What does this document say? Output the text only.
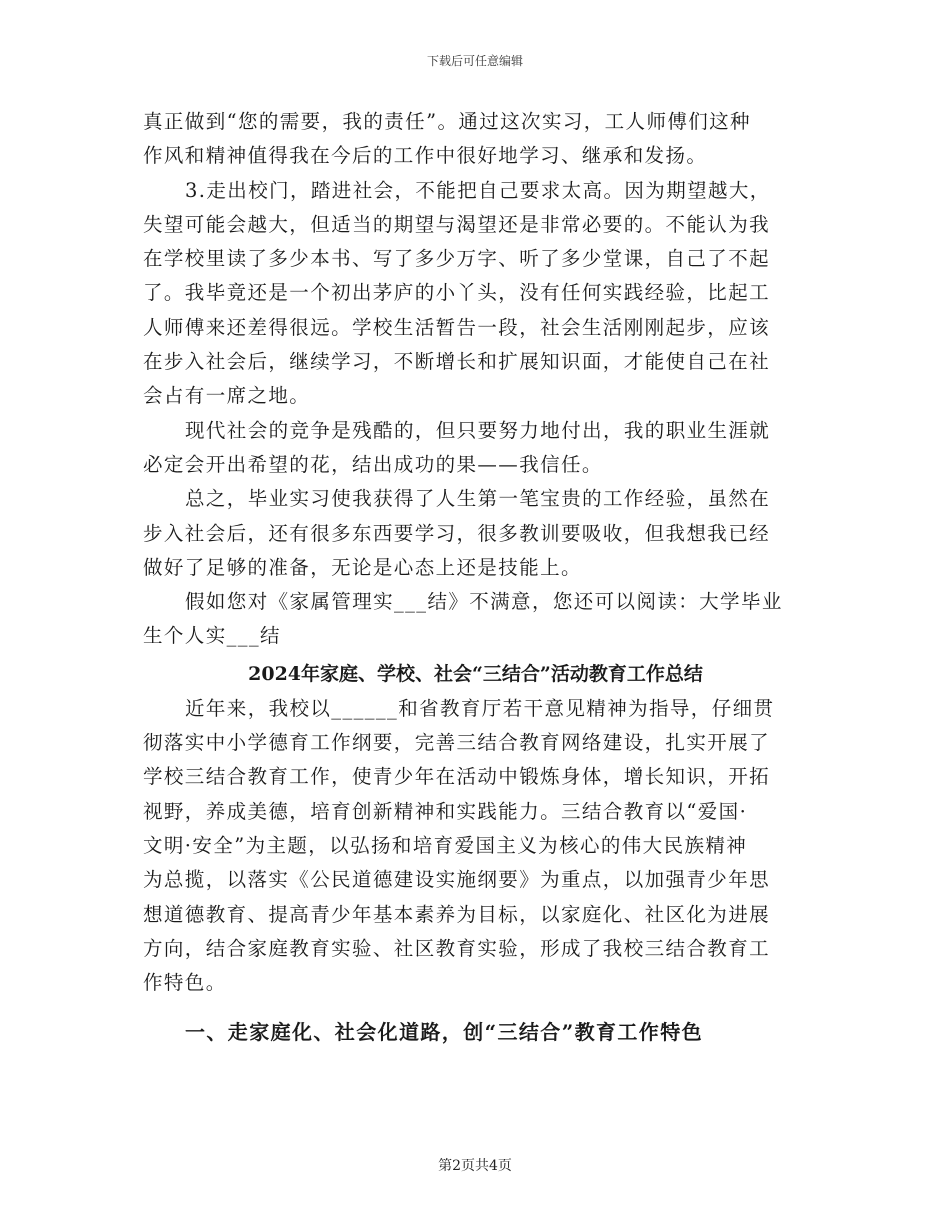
下载后可任意编辑
真正做到“您的需要，我的责任”。通过这次实习，工人师傅们这种
作风和精神值得我在今后的工作中很好地学习、继承和发扬。
3.走出校门，踏进社会，不能把自己要求太高。因为期望越大，
失望可能会越大，但适当的期望与渴望还是非常必要的。不能认为我
在学校里读了多少本书、写了多少万字、听了多少堂课，自己了不起
了。我毕竟还是一个初出茅庐的小丫头，没有任何实践经验，比起工
人师傅来还差得很远。学校生活暂告一段，社会生活刚刚起步，应该
在步入社会后，继续学习，不断增长和扩展知识面，才能使自己在社
会占有一席之地。
现代社会的竞争是残酷的，但只要努力地付出，我的职业生涯就
必定会开出希望的花，结出成功的果——我信任。
总之，毕业实习使我获得了人生第一笔宝贵的工作经验，虽然在
步入社会后，还有很多东西要学习，很多教训要吸收，但我想我已经
做好了足够的准备，无论是心态上还是技能上。
假如您对《家属管理实___结》不满意，您还可以阅读：大学毕业
生个人实___结
2024年家庭、学校、社会“三结合”活动教育工作总结
近年来，我校以______和省教育厅若干意见精神为指导，仔细贯
彻落实中小学德育工作纲要，完善三结合教育网络建设，扎实开展了
学校三结合教育工作，使青少年在活动中锻炼身体，增长知识，开拓
视野，养成美德，培育创新精神和实践能力。三结合教育以“爱国·
文明·安全”为主题，以弘扬和培育爱国主义为核心的伟大民族精神
为总揽，以落实《公民道德建设实施纲要》为重点，以加强青少年思
想道德教育、提高青少年基本素养为目标，以家庭化、社区化为进展
方向，结合家庭教育实验、社区教育实验，形成了我校三结合教育工
作特色。
一、走家庭化、社会化道路，创“三结合”教育工作特色
第2页共4页
